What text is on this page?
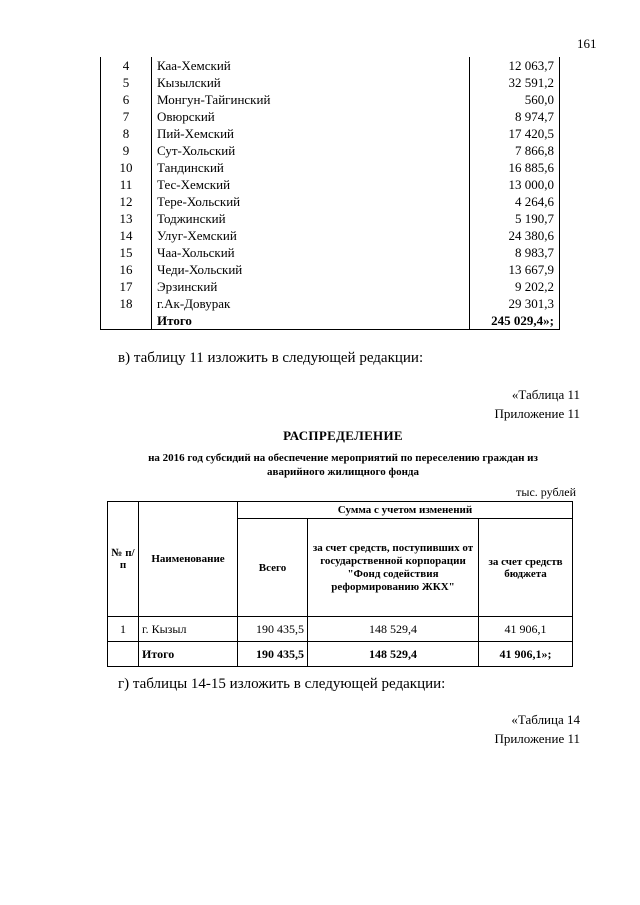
161
4	Каа-Хемский	12 063,7
5	Кызылский	32 591,2
6	Монгун-Тайгинский	560,0
7	Овюрский	8 974,7
8	Пий-Хемский	17 420,5
9	Сут-Хольский	7 866,8
10	Тандинский	16 885,6
11	Тес-Хемский	13 000,0
12	Тере-Хольский	4 264,6
13	Тоджинский	5 190,7
14	Улуг-Хемский	24 380,6
15	Чаа-Хольский	8 983,7
16	Чеди-Хольский	13 667,9
17	Эрзинский	9 202,2
18	г.Ак-Довурак	29 301,3
	Итого	245 029,4»;
в) таблицу 11 изложить в следующей редакции:
«Таблица 11
Приложение 11
РАСПРЕДЕЛЕНИЕ
на 2016 год субсидий на обеспечение мероприятий по переселению граждан из аварийного жилищного фонда
тыс. рублей
№ п/п	Наименование	Сумма с учетом изменений		
		Всего	за счет средств, поступивших от государственной корпорации "Фонд содействия реформированию ЖКХ"	за счет средств бюджета
1	г. Кызыл	190 435,5	148 529,4	41 906,1
	Итого	190 435,5	148 529,4	41 906,1»;
г) таблицы 14-15 изложить в следующей редакции:
«Таблица 14
Приложение 11
